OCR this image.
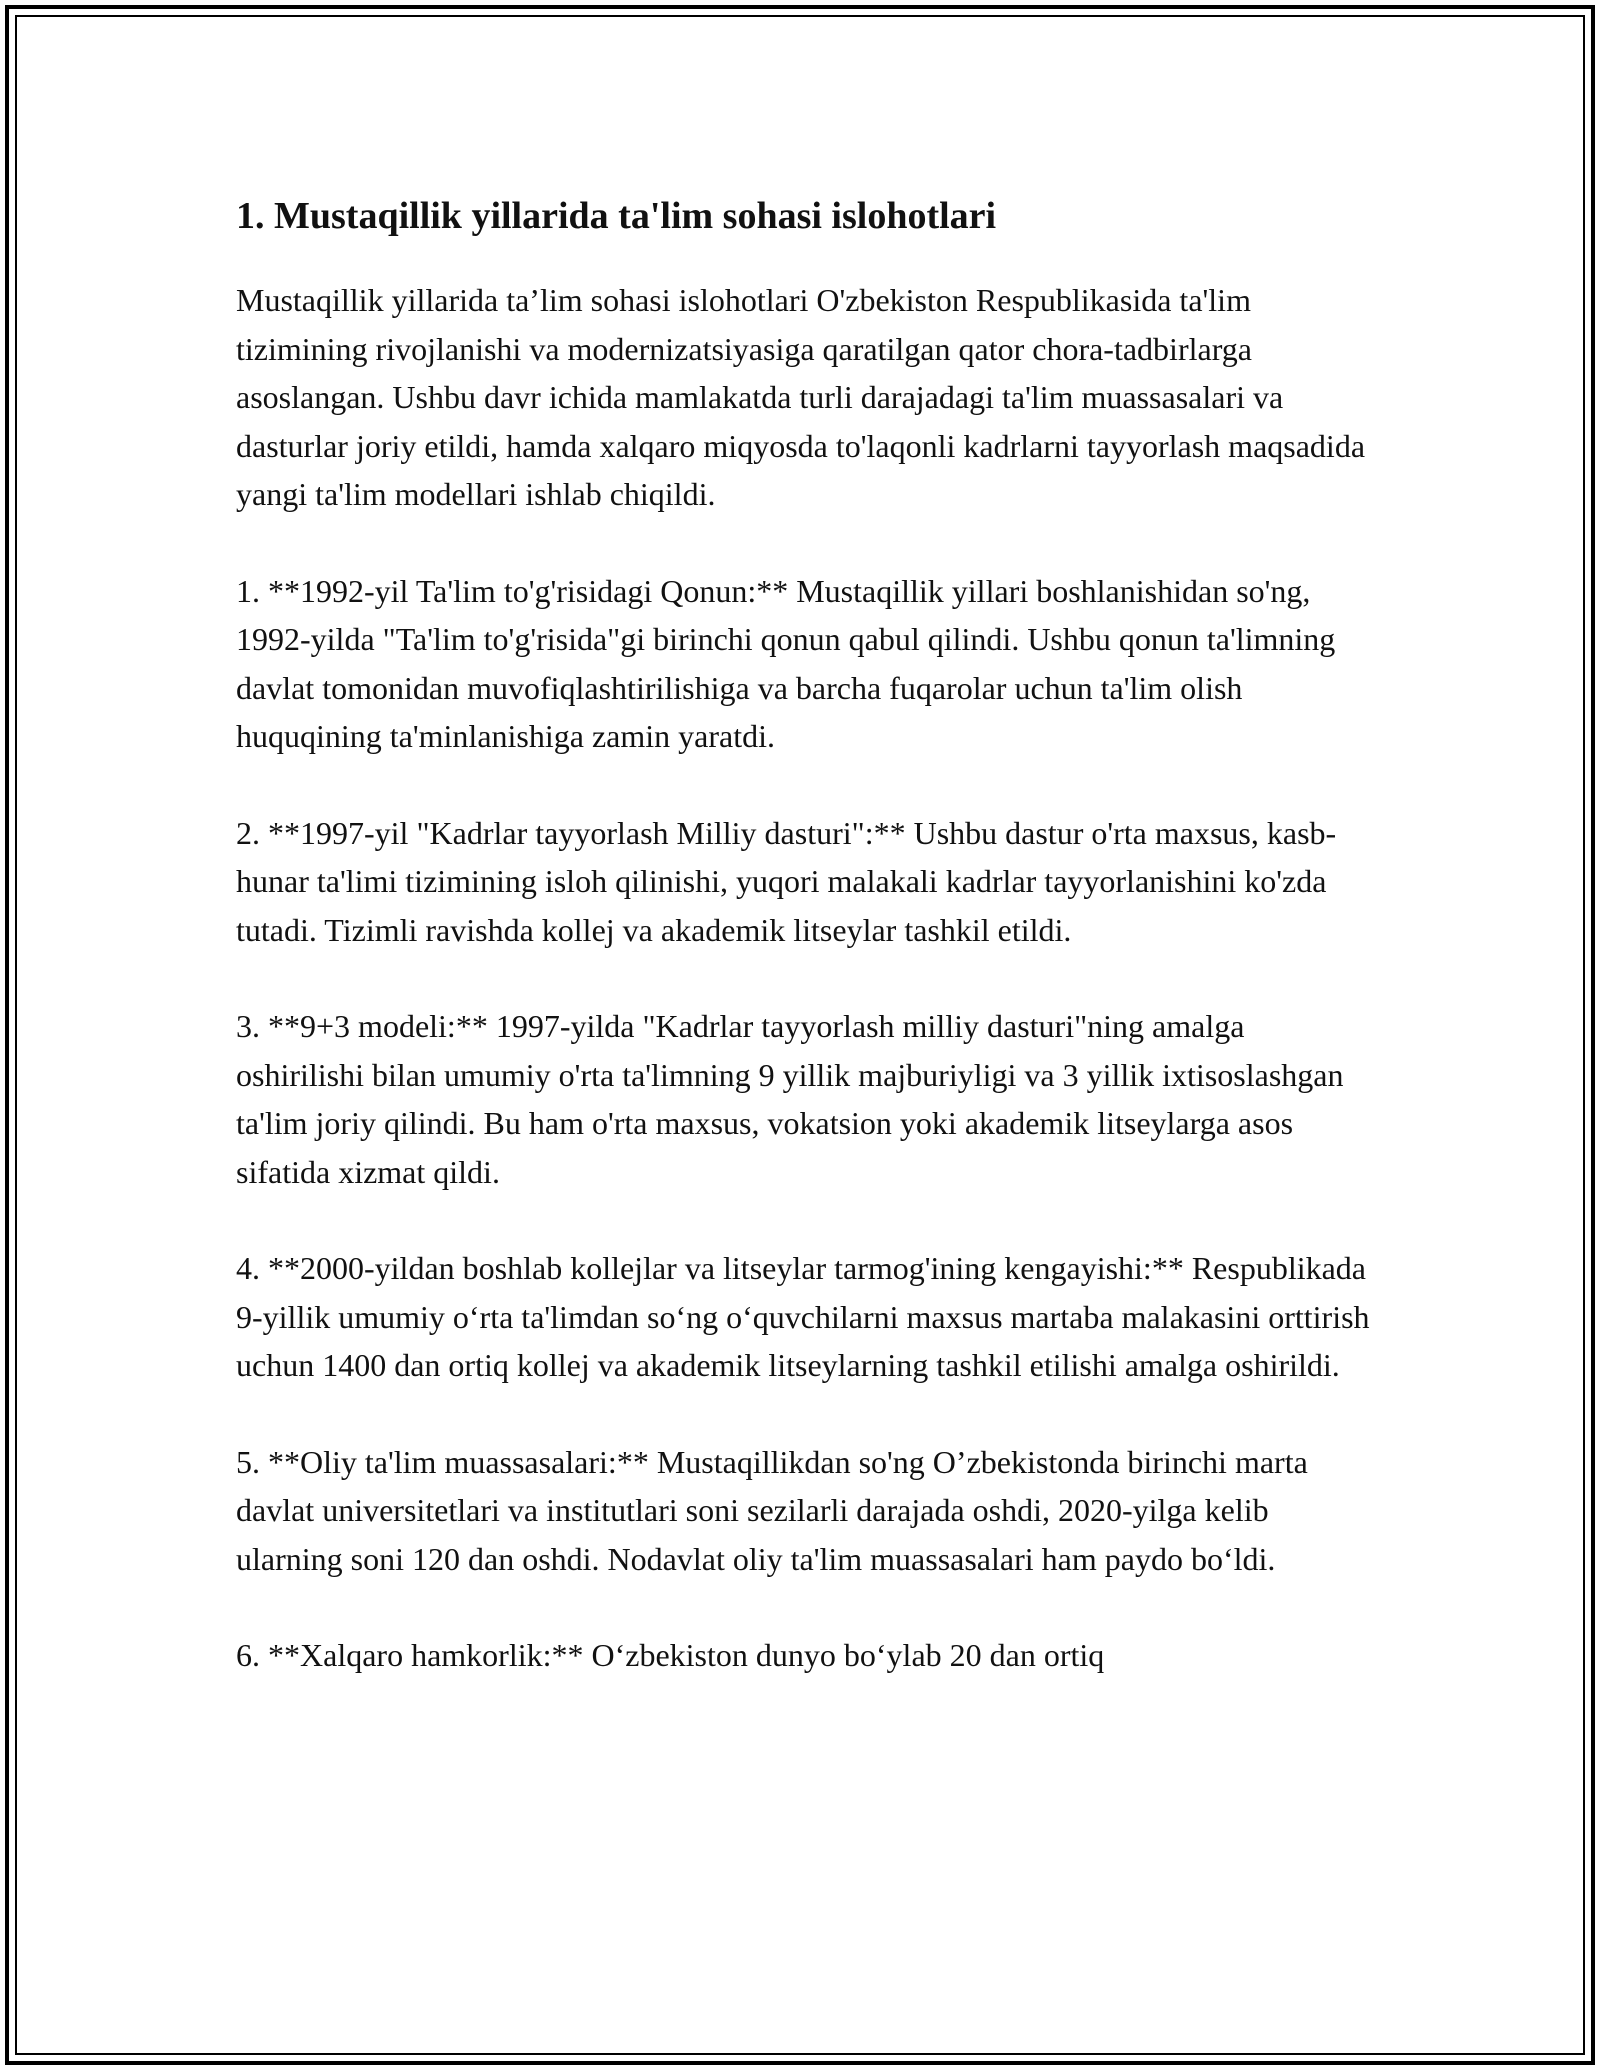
1. Mustaqillik yillarida ta'lim sohasi islohotlari

Mustaqillik yillarida ta’lim sohasi islohotlari O'zbekiston Respublikasida ta'lim tizimining rivojlanishi va modernizatsiyasiga qaratilgan qator chora-tadbirlarga asoslangan. Ushbu davr ichida mamlakatda turli darajadagi ta'lim muassasalari va dasturlar joriy etildi, hamda xalqaro miqyosda to'laqonli kadrlarni tayyorlash maqsadida yangi ta'lim modellari ishlab chiqildi.

1. **1992-yil Ta'lim to'g'risidagi Qonun:** Mustaqillik yillari boshlanishidan so'ng, 1992-yilda "Ta'lim to'g'risida"gi birinchi qonun qabul qilindi. Ushbu qonun ta'limning davlat tomonidan muvofiqlashtirilishiga va barcha fuqarolar uchun ta'lim olish huquqining ta'minlanishiga zamin yaratdi.

2. **1997-yil "Kadrlar tayyorlash Milliy dasturi":** Ushbu dastur o'rta maxsus, kasb-hunar ta'limi tizimining isloh qilinishi, yuqori malakali kadrlar tayyorlanishini ko'zda tutadi. Tizimli ravishda kollej va akademik litseylar tashkil etildi.

3. **9+3 modeli:** 1997-yilda "Kadrlar tayyorlash milliy dasturi"ning amalga oshirilishi bilan umumiy o'rta ta'limning 9 yillik majburiyligi va 3 yillik ixtisoslashgan ta'lim joriy qilindi. Bu ham o'rta maxsus, vokatsion yoki akademik litseylarga asos sifatida xizmat qildi.

4. **2000-yildan boshlab kollejlar va litseylar tarmog'ining kengayishi:** Respublikada 9-yillik umumiy o‘rta ta'limdan so‘ng o‘quvchilarni maxsus martaba malakasini orttirish uchun 1400 dan ortiq kollej va akademik litseylarning tashkil etilishi amalga oshirildi.

5. **Oliy ta'lim muassasalari:** Mustaqillikdan so'ng O’zbekistonda birinchi marta davlat universitetlari va institutlari soni sezilarli darajada oshdi, 2020-yilga kelib ularning soni 120 dan oshdi. Nodavlat oliy ta'lim muassasalari ham paydo bo‘ldi.

6. **Xalqaro hamkorlik:** O‘zbekiston dunyo bo‘ylab 20 dan ortiq
